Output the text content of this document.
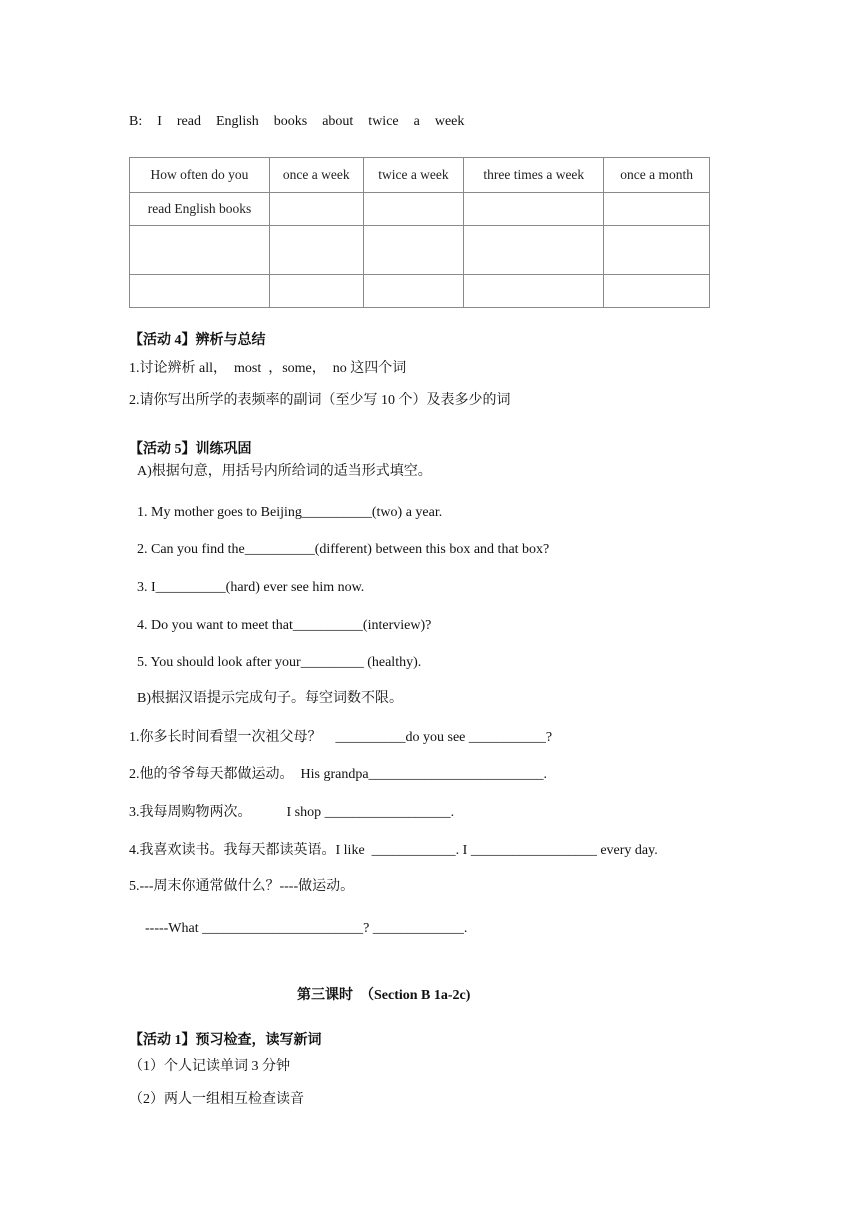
B:  I  read  English  books  about  twice  a  week
How often do you	once a week	twice a week	three times a week	once a month
read English books				

【活动 4】辨析与总结
1.讨论辨析 all，  most  ，some，  no 这四个词
2.请你写出所学的表频率的副词（至少写 10 个）及表多少的词
【活动 5】训练巩固
A)根据句意，用括号内所给词的适当形式填空。
1. My mother goes to Beijing__________(two) a year.
2. Can you find the__________(different) between this box and that box?
3. I__________(hard) ever see him now.
4. Do you want to meet that__________(interview)?
5. You should look after your_________ (healthy).
B)根据汉语提示完成句子。每空词数不限。
1.你多长时间看望一次祖父母？    __________do you see ___________?
2.他的爷爷每天都做运动。  His grandpa_________________________.
3.我每周购物两次。          I shop __________________.
4.我喜欢读书。我每天都读英语。I like  ____________. I __________________ every day.
5.---周末你通常做什么？----做运动。
-----What _______________________? _____________.
第三课时  （Section B 1a-2c)
【活动 1】预习检查，读写新词
（1）个人记读单词 3 分钟
（2）两人一组相互检查读音
